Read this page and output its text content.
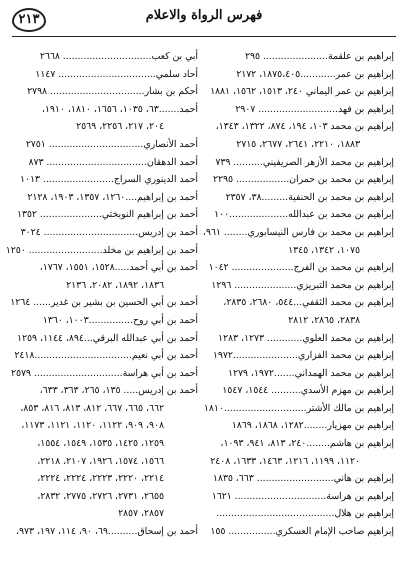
٢١٣	فهرس الرواة والاعلام
إبراهيم بن علقمة...................... ٢٩٥
إبراهيم بن عمر............١٨٧٥،٤٠٥، ٢١٧٢
إبراهيم بن عمر اليماني ٢٤٠، ١٥١٣، ١٥٦٢، ١٨٨١
إبراهيم بن فهد........................... ٢٩٠٧
إبراهيم بن محمد ١٠٣، ١٩٤، ٨٧٤، ١٣٢٢، ١٣٤٣،
١٨٨٣، ٢٢١٠، ٢٦٤١، ٢٦٧٧، ٢٧١٥
إبراهيم بن محمد الأزهر الصريفيني.......... ٧٣٩
إبراهيم بن محمد بن حمران.................. ٢٢٩٥
إبراهيم بن محمد بن الحنفية.........٣٨، ٢٣٥٧
إبراهيم بن محمد بن عبدالله....................١٠٠
إبراهيم بن محمد بن فارس النيسابوري........ ٩٦١،
١٠٧٥، ١٣٤٢، ١٣٤٥
إبراهيم بن محمد بن الفرج..................... ١٠٤٢
إبراهيم بن محمد التبريزي..................... ١٢٩٦
إبراهيم بن محمد الثقفي...٥٤٤، ٢٦٨٠، ٢٨٣٥،
٢٨٣٨، ٢٨٦٥، ٢٨١٢
إبراهيم بن محمد العلوي............ ١٢٧٣، ١٢٨٣
إبراهيم بن محمد الفزاري......................١٩٧٢
إبراهيم بن محمد الهمداني.......١٩٧٢، ١٢٧٩
إبراهيم بن مهزم الأسدي.......... ١٥٤٤، ١٥٤٧
إبراهيم بن مالك الأشتر............................١٨١٠
إبراهيم بن مهزيار........١٢٨٢، ١٨٦٨، ١٨٦٩
إبراهيم بن هاشم........٢٤٠، ٨١٣، ٩٤١، ١٠٩٣،
١١٢٠، ١١٩٩، ١٢١٦، ١٤٦٣، ١٦٣٣، ٢٤٠٨
إبراهيم بن هاني.......................... ٦٦٣، ١٨٣٥
إبراهيم بن هراسة............................... ١٦٢١
إبراهيم بن هلال........................................
إبراهيم صاحب الإمام العسكري................ ١٥٥
أبي بن كعب.............................. ٢٦٦٨
أحاد سلمي................................. ١١٤٧
أحكم بن بشار................................ ٢٧٩٨
أحمد.......٦٣، ١٠٣٥، ١٦٥٦، ١٨١٠، ١٩١٠،
٢٠٤، ٢١٧، ٢٢٥٦، ٢٥٦٩
أحمد الأنصاري................................ ٢٧٥١
أحمد الدهقان.................................. ٨٧٣
أحمد الدينوري السراج........................ ١٠١٣
أحمد بن إبراهيم....١٢٦٠، ١٣٥٧، ١٩٠٣، ٢١٢٨
أحمد بن إبراهيم النوبختي..................... ١٣٥٢
أحمد بن إدريس................................ ٣٠٢٤
أحمد بن إبراهيم بن مخلد......................... ١٢٥٠
أحمد بن أبي أحمد.....١٥٢٨، ١٥٥١، ١٧٦٧،
١٨٣٦، ١٨٩٢، ٢٠٨٢، ٢١٣٦
أحمد بن أبي الحسين بن بشير بن غدير...... ١٢٦٤
أحمد بن أبي روح...............١٠٠٣، ١٣٦٠
أحمد بن أبي عبدالله البرقي...٨٩٤، ١١٤٤، ١٢٥٩
أحمد بن أبي نعيم.................................٢٤١٨
أحمد بن أبي هراسة.............................. ٢٥٧٩
أحمد بن إدريس..... ١٣٥، ٢٦٥، ٣٦٣، ٦٣٣،
٦٦٢، ٦٦٥، ٦٦٧، ٨١٢، ٨١٣، ٨١٦، ٨٥٣،
٩٠٨، ٩٠٩، ١١٢٢، ١١٢٠، ١١٢١، ١١٧٣،
١٢٥٩، ١٤٢٥، ١٥٣٥، ١٥٤٩، ١٥٥٤،
١٥٦٦، ١٥٧٤، ١٩٢٦، ٢١٠٧، ٢٢١٨،
٢٢١٤، ٢٢٢٠، ٢٢٢٣، ٢٢٢٤، ٢٢٢٤،
٢٦٥٥، ٢٧٣١، ٢٧٢٦، ٢٧٧٥، ٢٨٣٢،
٢٨٥٧، ٢٨٥٧
أحمد بن إسحاق..........٦٩، ٩٠، ١١٤، ١٩٧، ٩٧٣،
